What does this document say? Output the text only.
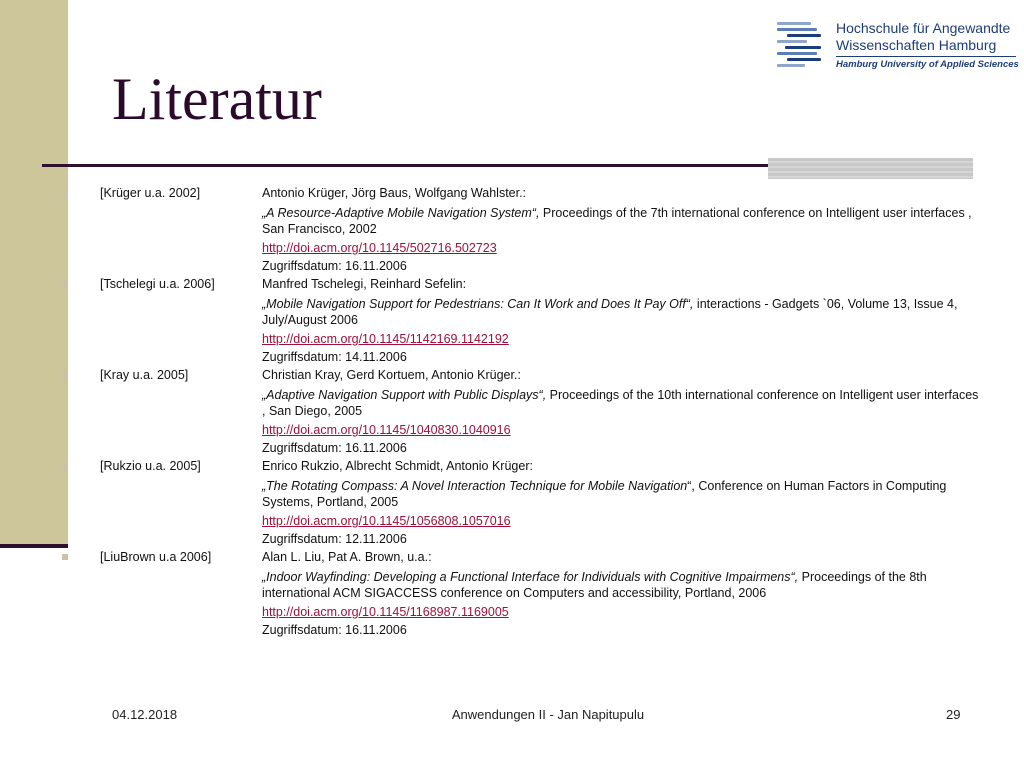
Literatur
Hochschule für Angewandte
Wissenschaften Hamburg
Hamburg University of Applied Sciences
[Krüger u.a. 2002]	Antonio Krüger, Jörg Baus, Wolfgang Wahlster.:
„A Resource-Adaptive Mobile Navigation System“, Proceedings of the 7th international conference on Intelligent user interfaces , San Francisco, 2002
http://doi.acm.org/10.1145/502716.502723
Zugriffsdatum: 16.11.2006
[Tschelegi u.a. 2006]	Manfred Tschelegi, Reinhard Sefelin:
„Mobile Navigation Support for Pedestrians: Can It Work and Does It Pay Off“, interactions - Gadgets `06, Volume 13, Issue 4, July/August 2006
http://doi.acm.org/10.1145/1142169.1142192
Zugriffsdatum: 14.11.2006
[Kray u.a. 2005]	Christian Kray, Gerd Kortuem, Antonio Krüger.:
„Adaptive Navigation Support with Public Displays“, Proceedings of the 10th international conference on Intelligent user interfaces , San Diego, 2005
http://doi.acm.org/10.1145/1040830.1040916
Zugriffsdatum: 16.11.2006
[Rukzio u.a. 2005]	Enrico Rukzio, Albrecht Schmidt, Antonio Krüger:
„The Rotating Compass: A Novel Interaction Technique for Mobile Navigation“, Conference on Human Factors in Computing Systems, Portland, 2005
http://doi.acm.org/10.1145/1056808.1057016
Zugriffsdatum: 12.11.2006
[LiuBrown u.a 2006]	Alan L. Liu, Pat A. Brown, u.a.:
„Indoor Wayfinding: Developing a Functional Interface for Individuals with Cognitive Impairmens“, Proceedings of the 8th international ACM SIGACCESS conference on Computers and accessibility, Portland, 2006
http://doi.acm.org/10.1145/1168987.1169005
Zugriffsdatum: 16.11.2006
04.12.2018	Anwendungen II - Jan Napitupulu	29
